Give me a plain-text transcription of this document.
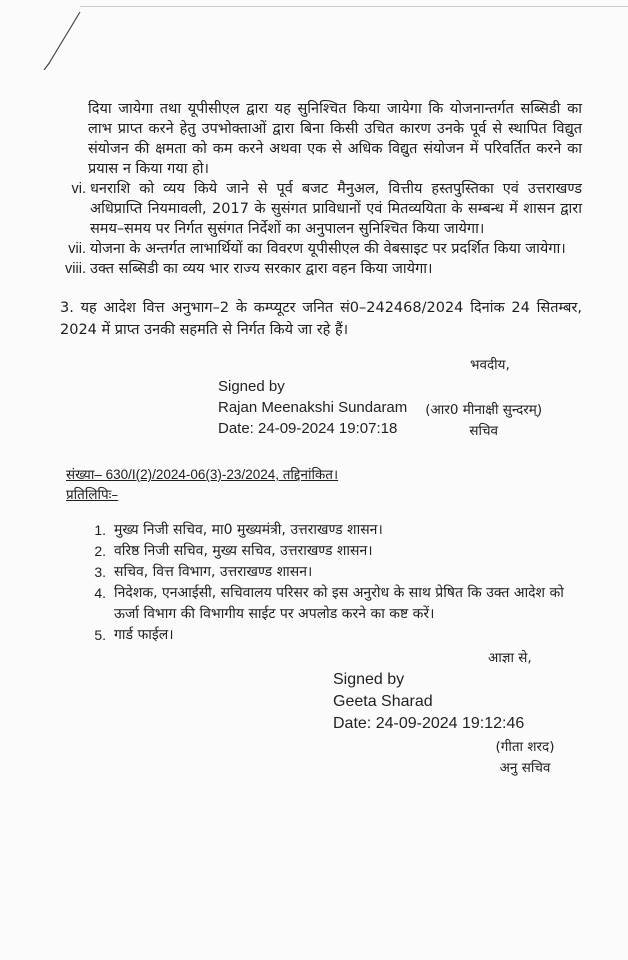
दिया जायेगा तथा यूपीसीएल द्वारा यह सुनिश्चित किया जायेगा कि योजनान्तर्गत सब्सिडी का लाभ प्राप्त करने हेतु उपभोक्ताओं द्वारा बिना किसी उचित कारण उनके पूर्व से स्थापित विद्युत संयोजन की क्षमता को कम करने अथवा एक से अधिक विद्युत संयोजन में परिवर्तित करने का प्रयास न किया गया हो।
vi. धनराशि को व्यय किये जाने से पूर्व बजट मैनुअल, वित्तीय हस्तपुस्तिका एवं उत्तराखण्ड अधिप्राप्ति नियमावली, 2017 के सुसंगत प्राविधानों एवं मितव्ययिता के सम्बन्ध में शासन द्वारा समय–समय पर निर्गत सुसंगत निर्देशों का अनुपालन सुनिश्चित किया जायेगा।
vii. योजना के अन्तर्गत लाभार्थियों का विवरण यूपीसीएल की वेबसाइट पर प्रदर्शित किया जायेगा।
viii. उक्त सब्सिडी का व्यय भार राज्य सरकार द्वारा वहन किया जायेगा।
3. यह आदेश वित्त अनुभाग–2 के कम्प्यूटर जनित सं0–242468/2024 दिनांक 24 सितम्बर, 2024 में प्राप्त उनकी सहमति से निर्गत किये जा रहे हैं।
भवदीय,
Signed by
Rajan Meenakshi Sundaram
Date: 24-09-2024 19:07:18
(आर0 मीनाक्षी सुन्दरम्)
सचिव
संख्या– 630/I(2)/2024-06(3)-23/2024, तद्दिनांकित।
प्रतिलिपिः–
1. मुख्य निजी सचिव, मा0 मुख्यमंत्री, उत्तराखण्ड शासन।
2. वरिष्ठ निजी सचिव, मुख्य सचिव, उत्तराखण्ड शासन।
3. सचिव, वित्त विभाग, उत्तराखण्ड शासन।
4. निदेशक, एनआईसी, सचिवालय परिसर को इस अनुरोध के साथ प्रेषित कि उक्त आदेश को ऊर्जा विभाग की विभागीय साईट पर अपलोड करने का कष्ट करें।
5. गार्ड फाईल।
आज्ञा से,
Signed by
Geeta Sharad
Date: 24-09-2024 19:12:46
(गीता शरद)
अनु सचिव
